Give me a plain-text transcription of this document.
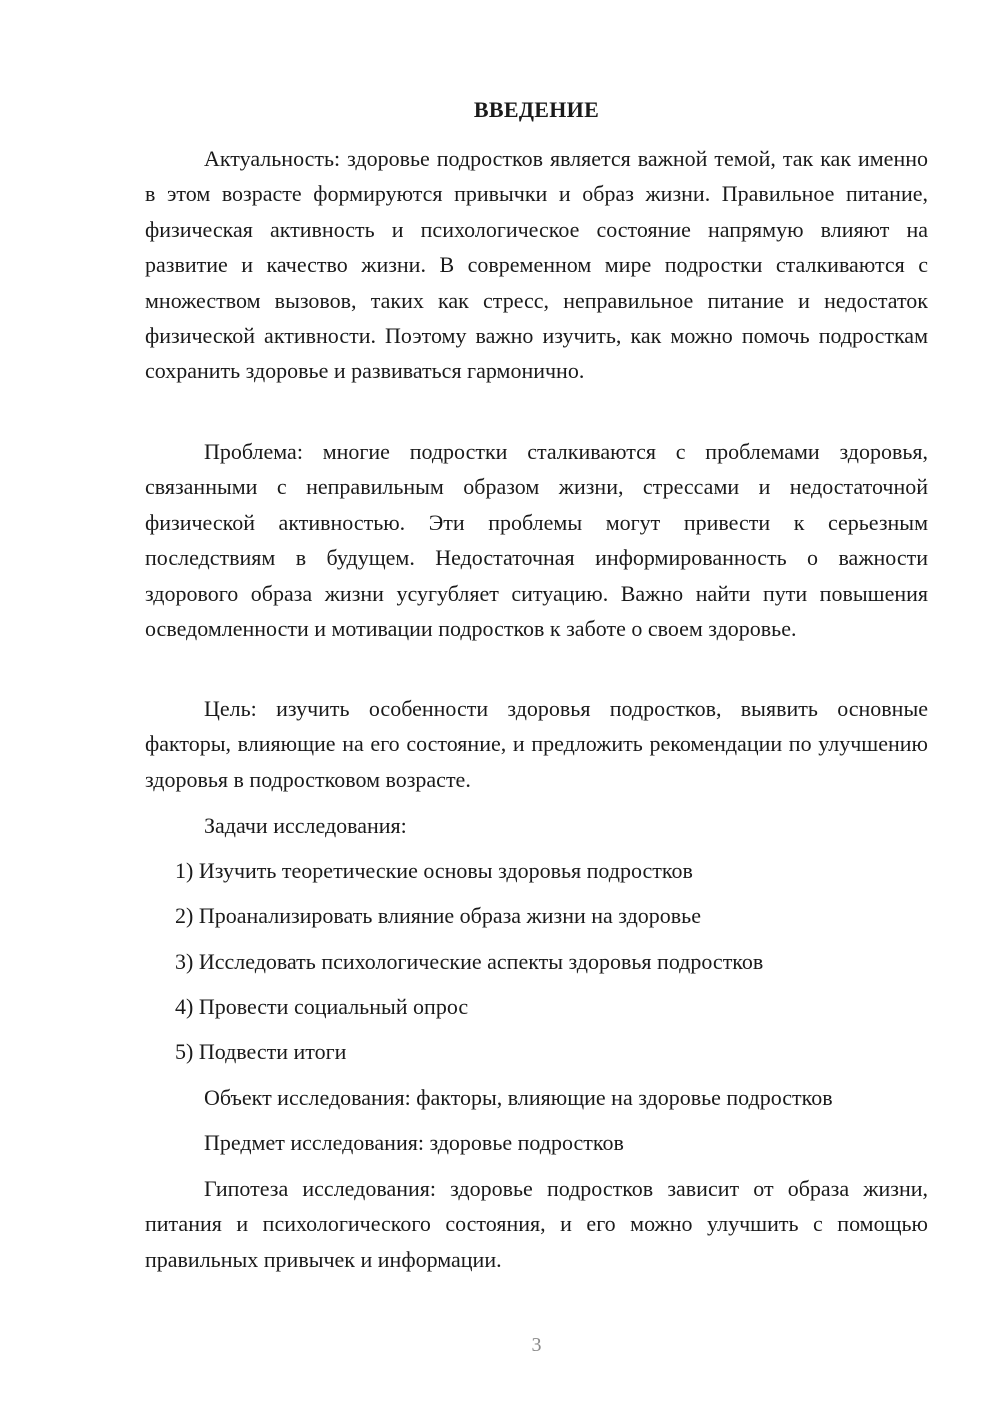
ВВЕДЕНИЕ

Актуальность: здоровье подростков является важной темой, так как именно в этом возрасте формируются привычки и образ жизни. Правильное питание, физическая активность и психологическое состояние напрямую влияют на развитие и качество жизни. В современном мире подростки сталкиваются с множеством вызовов, таких как стресс, неправильное питание и недостаток физической активности. Поэтому важно изучить, как можно помочь подросткам сохранить здоровье и развиваться гармонично.

Проблема: многие подростки сталкиваются с проблемами здоровья, связанными с неправильным образом жизни, стрессами и недостаточной физической активностью. Эти проблемы могут привести к серьезным последствиям в будущем. Недостаточная информированность о важности здорового образа жизни усугубляет ситуацию. Важно найти пути повышения осведомленности и мотивации подростков к заботе о своем здоровье.

Цель: изучить особенности здоровья подростков, выявить основные факторы, влияющие на его состояние, и предложить рекомендации по улучшению здоровья в подростковом возрасте.

Задачи исследования:

1) Изучить теоретические основы здоровья подростков

2) Проанализировать влияние образа жизни на здоровье

3) Исследовать психологические аспекты здоровья подростков

4) Провести социальный опрос

5) Подвести итоги

Объект исследования: факторы, влияющие на здоровье подростков

Предмет исследования: здоровье подростков

Гипотеза исследования: здоровье подростков зависит от образа жизни, питания и психологического состояния, и его можно улучшить с помощью правильных привычек и информации.

3
